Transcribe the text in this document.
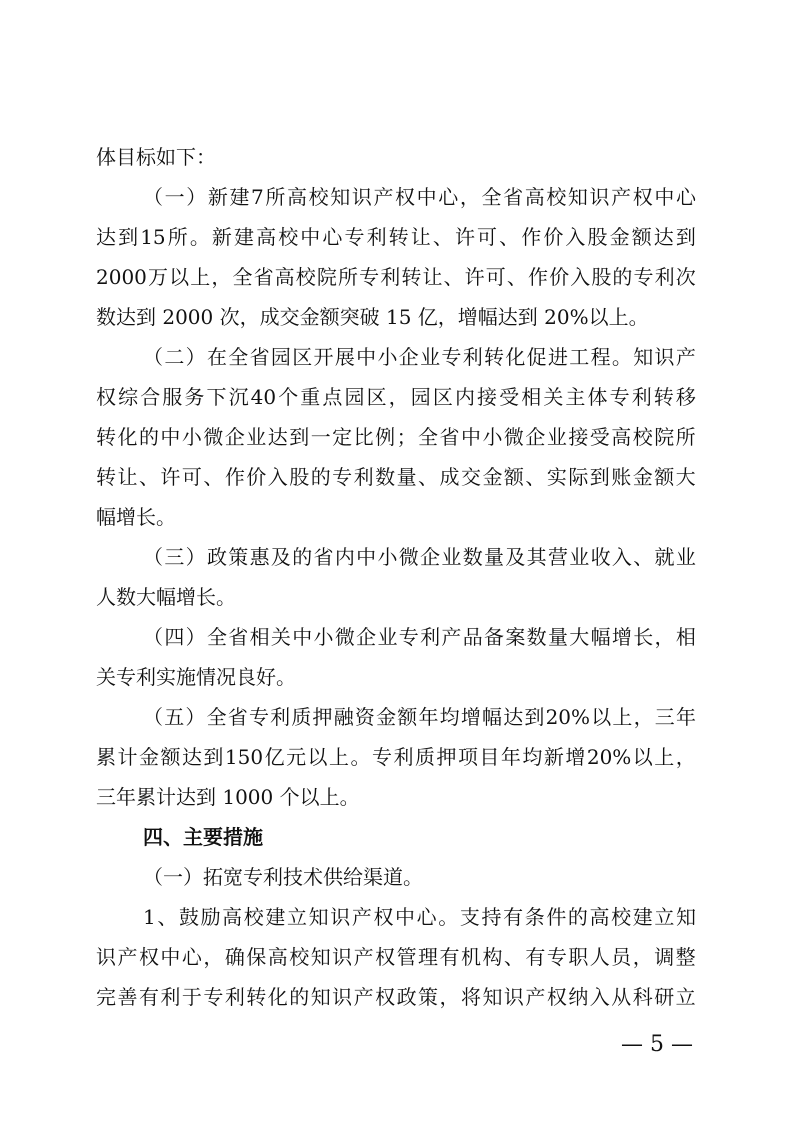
体目标如下：
（ 一 ） 新 建 7 所 高 校 知 识 产 权 中 心 ， 全 省 高 校 知 识 产 权 中 心
达 到 15 所 。 新 建 高 校 中 心 专 利 转 让 、 许 可 、 作 价 入 股 金 额 达 到
2000 万 以 上 ， 全 省 高 校 院 所 专 利 转 让 、 许 可 、 作 价 入 股 的 专 利 次
数达到 2000 次，成交金额突破 15 亿，增幅达到 20%以上。
（ 二 ） 在 全 省 园 区 开 展 中 小 企 业 专 利 转 化 促 进 工 程 。 知 识 产
权 综 合 服 务 下 沉 40 个 重 点 园 区 ， 园 区 内 接 受 相 关 主 体 专 利 转 移
转 化 的 中 小 微 企 业 达 到 一 定 比 例 ； 全 省 中 小 微 企 业 接 受 高 校 院 所
转 让 、 许 可 、 作 价 入 股 的 专 利 数 量 、 成 交 金 额 、 实 际 到 账 金 额 大
幅增长。
（ 三 ） 政 策 惠 及 的 省 内 中 小 微 企 业 数 量 及 其 营 业 收 入 、 就 业
人数大幅增长。
（ 四 ） 全 省 相 关 中 小 微 企 业 专 利 产 品 备 案 数 量 大 幅 增 长 ， 相
关专利实施情况良好。
（ 五 ） 全 省 专 利 质 押 融 资 金 额 年 均 增 幅 达 到 20% 以 上 ， 三 年
累 计 金 额 达 到 150 亿 元 以 上 。 专 利 质 押 项 目 年 均 新 增 20% 以 上 ，
三年累计达到 1000 个以上。
四、主要措施
（一）拓宽专利技术供给渠道。
1 、 鼓 励 高 校 建 立 知 识 产 权 中 心 。 支 持 有 条 件 的 高 校 建 立 知
识 产 权 中 心 ， 确 保 高 校 知 识 产 权 管 理 有 机 构 、 有 专 职 人 员 ， 调 整
完 善 有 利 于 专 利 转 化 的 知 识 产 权 政 策 ， 将 知 识 产 权 纳 入 从 科 研 立
— 5 —
